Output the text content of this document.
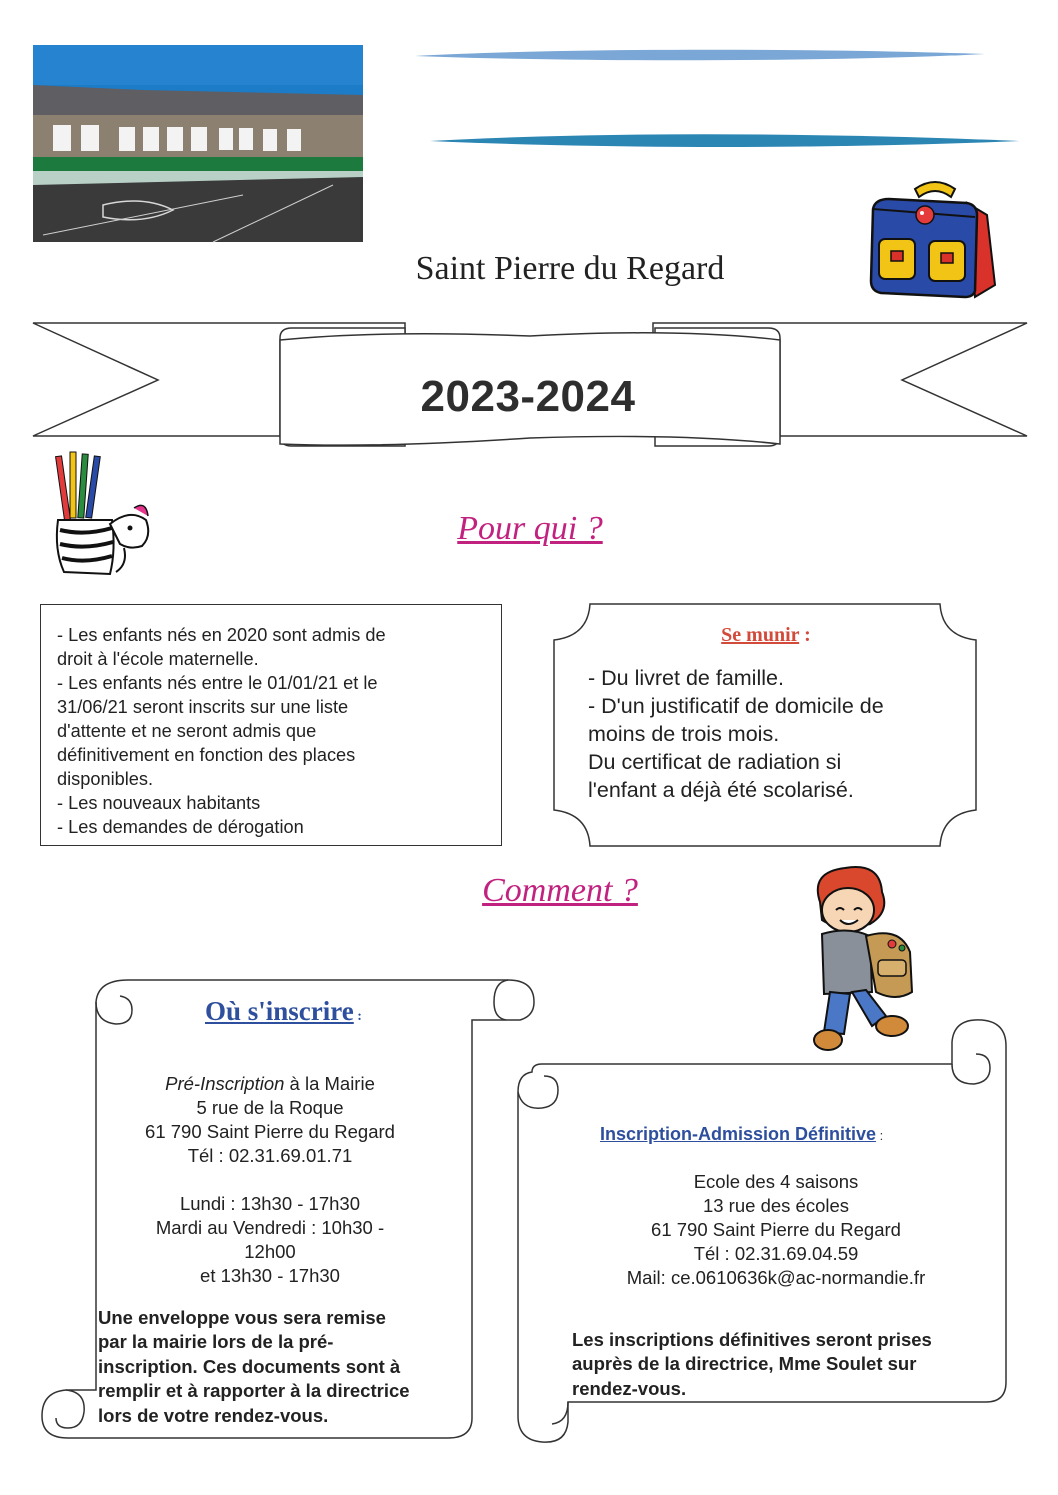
Saint Pierre du Regard
2023-2024
Pour qui ?
- Les enfants nés en 2020 sont admis de
droit à l'école maternelle.
- Les enfants nés entre le 01/01/21 et le
31/06/21 seront inscrits sur une liste
d'attente et ne seront admis que
définitivement en fonction des places
disponibles.
- Les nouveaux habitants
- Les demandes de dérogation
Se munir :
- Du livret de famille.
- D'un justificatif de domicile de
moins de trois mois.
Du certificat de radiation si
l'enfant a déjà été scolarisé.
Comment ?
Où s'inscrire :
Pré-Inscription à la Mairie
5 rue de la Roque
61 790 Saint Pierre du Regard
Tél : 02.31.69.01.71
Lundi : 13h30 - 17h30
Mardi au Vendredi : 10h30 -
12h00
et 13h30 - 17h30
Une enveloppe vous sera remise
par la mairie lors de la pré-
inscription. Ces documents sont à
remplir et à rapporter à la directrice
lors de votre rendez-vous.
Inscription-Admission Définitive :
Ecole des 4 saisons
13 rue des écoles
61 790 Saint Pierre du Regard
Tél : 02.31.69.04.59
Mail: ce.0610636k@ac-normandie.fr
Les inscriptions définitives seront prises
auprès de la directrice, Mme Soulet sur
rendez-vous.
